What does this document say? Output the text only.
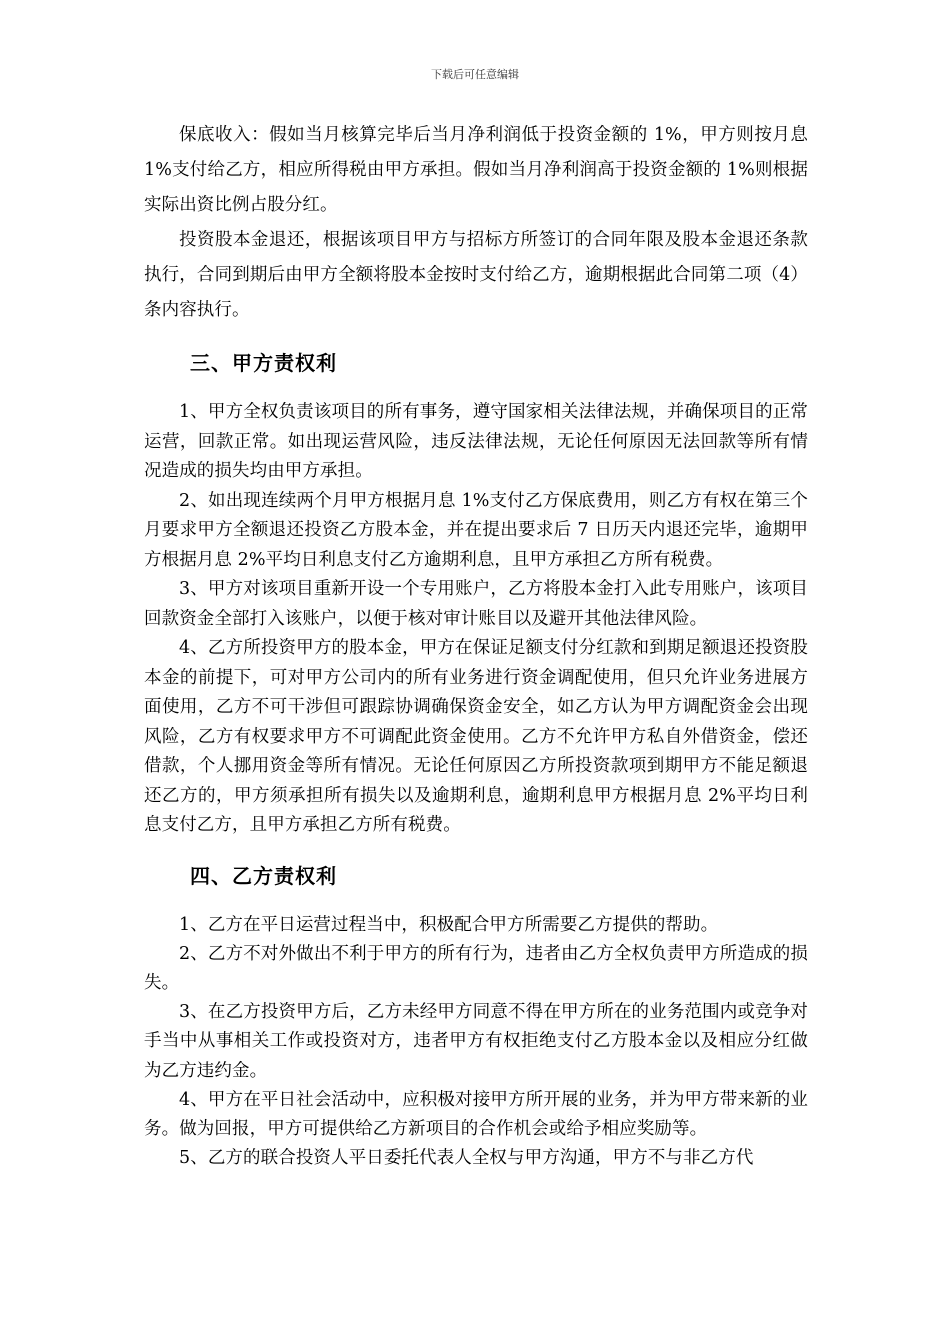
下载后可任意编辑

保底收入：假如当月核算完毕后当月净利润低于投资金额的 1%，甲方则按月息 1%支付给乙方，相应所得税由甲方承担。假如当月净利润高于投资金额的 1%则根据实际出资比例占股分红。

投资股本金退还，根据该项目甲方与招标方所签订的合同年限及股本金退还条款执行，合同到期后由甲方全额将股本金按时支付给乙方，逾期根据此合同第二项（4）条内容执行。

三、甲方责权利

1、甲方全权负责该项目的所有事务，遵守国家相关法律法规，并确保项目的正常运营，回款正常。如出现运营风险，违反法律法规，无论任何原因无法回款等所有情况造成的损失均由甲方承担。

2、如出现连续两个月甲方根据月息 1%支付乙方保底费用，则乙方有权在第三个月要求甲方全额退还投资乙方股本金，并在提出要求后 7 日历天内退还完毕，逾期甲方根据月息 2%平均日利息支付乙方逾期利息，且甲方承担乙方所有税费。

3、甲方对该项目重新开设一个专用账户，乙方将股本金打入此专用账户，该项目回款资金全部打入该账户，以便于核对审计账目以及避开其他法律风险。

4、乙方所投资甲方的股本金，甲方在保证足额支付分红款和到期足额退还投资股本金的前提下，可对甲方公司内的所有业务进行资金调配使用，但只允许业务进展方面使用，乙方不可干涉但可跟踪协调确保资金安全，如乙方认为甲方调配资金会出现风险，乙方有权要求甲方不可调配此资金使用。乙方不允许甲方私自外借资金，偿还借款，个人挪用资金等所有情况。无论任何原因乙方所投资款项到期甲方不能足额退还乙方的，甲方须承担所有损失以及逾期利息，逾期利息甲方根据月息 2%平均日利息支付乙方，且甲方承担乙方所有税费。

四、乙方责权利

1、乙方在平日运营过程当中，积极配合甲方所需要乙方提供的帮助。

2、乙方不对外做出不利于甲方的所有行为，违者由乙方全权负责甲方所造成的损失。

3、在乙方投资甲方后，乙方未经甲方同意不得在甲方所在的业务范围内或竞争对手当中从事相关工作或投资对方，违者甲方有权拒绝支付乙方股本金以及相应分红做为乙方违约金。

4、甲方在平日社会活动中，应积极对接甲方所开展的业务，并为甲方带来新的业务。做为回报，甲方可提供给乙方新项目的合作机会或给予相应奖励等。

5、乙方的联合投资人平日委托代表人全权与甲方沟通，甲方不与非乙方代
